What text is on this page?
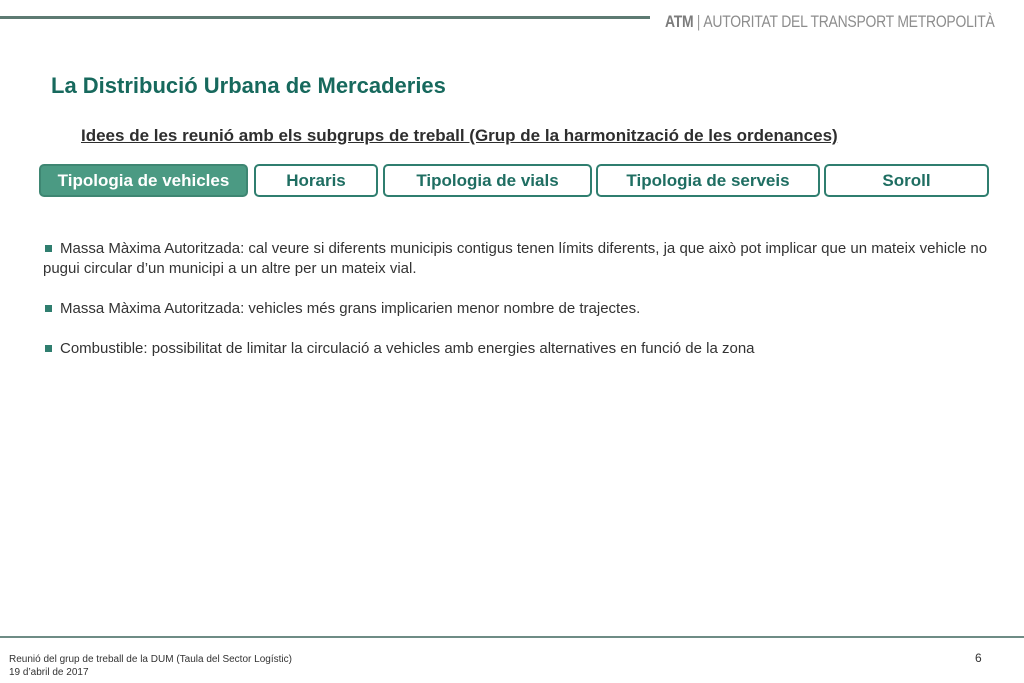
ATM | AUTORITAT DEL TRANSPORT METROPOLITÀ
La Distribució Urbana de Mercaderies
Idees de les reunió amb els subgrups de treball (Grup de la harmonització de les ordenances)
Tipologia de vehicles	Horaris	Tipologia de vials	Tipologia de serveis	Soroll
Massa Màxima Autoritzada: cal veure si diferents municipis contigus tenen límits diferents, ja que això pot implicar que un mateix vehicle no pugui circular d’un municipi a un altre per un mateix vial.
Massa Màxima Autoritzada: vehicles més grans implicarien menor nombre de trajectes.
Combustible: possibilitat de limitar la circulació a vehicles amb energies alternatives en funció de la zona
Reunió del grup de treball de la DUM (Taula del Sector Logístic)
19 d’abril de 2017
6
